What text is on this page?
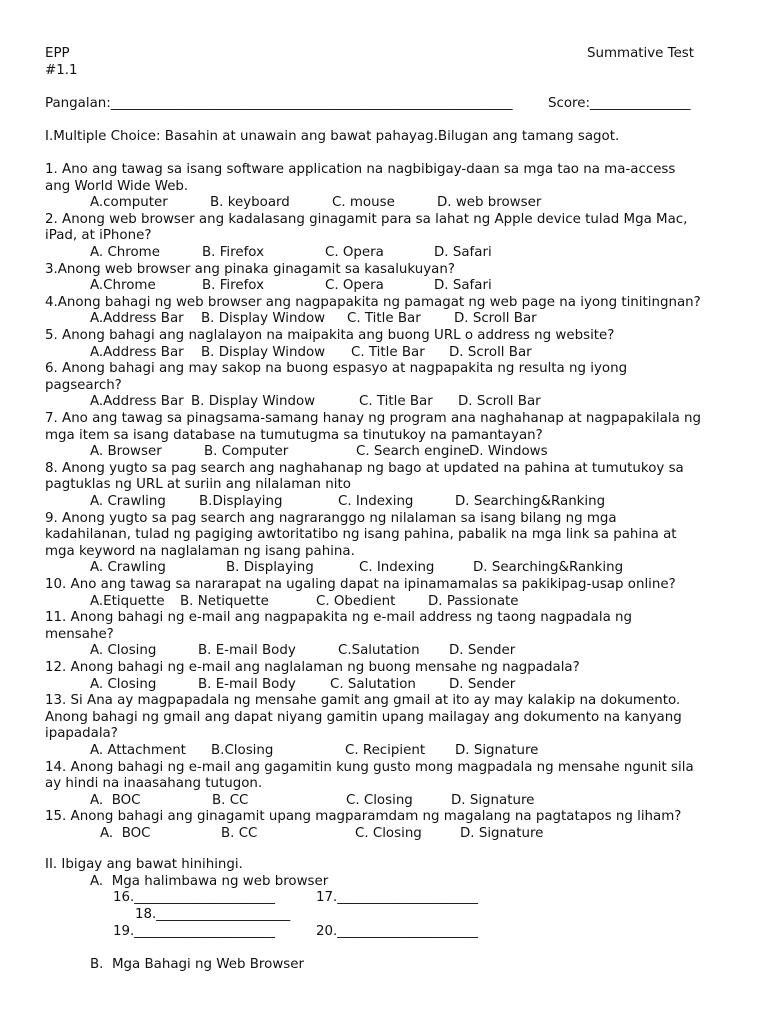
EPP	Summative Test
#1.1
Pangalan:____________________________________________________________	Score:_______________
I.Multiple Choice: Basahin at unawain ang bawat pahayag.Bilugan ang tamang sagot.
1. Ano ang tawag sa isang software application na nagbibigay-daan sa mga tao na ma-access
ang World Wide Web.
A.computer	B. keyboard	C. mouse	D. web browser
2. Anong web browser ang kadalasang ginagamit para sa lahat ng Apple device tulad Mga Mac,
iPad, at iPhone?
A. Chrome	B. Firefox	C. Opera	D. Safari
3.Anong web browser ang pinaka ginagamit sa kasalukuyan?
A.Chrome	B. Firefox	C. Opera	D. Safari
4.Anong bahagi ng web browser ang nagpapakita ng pamagat ng web page na iyong tinitingnan?
A.Address Bar B. Display Window C. Title Bar D. Scroll Bar
5. Anong bahagi ang naglalayon na maipakita ang buong URL o address ng website?
A.Address Bar B. Display Window C. Title Bar D. Scroll Bar
6. Anong bahagi ang may sakop na buong espasyo at nagpapakita ng resulta ng iyong
pagsearch?
A.Address Bar B. Display Window	C. Title Bar D. Scroll Bar
7. Ano ang tawag sa pinagsama-samang hanay ng program ana naghahanap at nagpapakilala ng
mga item sa isang database na tumutugma sa tinutukoy na pamantayan?
A. Browser	B. Computer	C. Search engine D. Windows
8. Anong yugto sa pag search ang naghahanap ng bago at updated na pahina at tumutukoy sa
pagtuklas ng URL at suriin ang nilalaman nito
A. Crawling B.Displaying	C. Indexing	D. Searching&Ranking
9. Anong yugto sa pag search ang nagraranggo ng nilalaman sa isang bilang ng mga
kadahilanan, tulad ng pagiging awtoritatibo ng isang pahina, pabalik na mga link sa pahina at
mga keyword na naglalaman ng isang pahina.
A. Crawling	B. Displaying	C. Indexing	D. Searching&Ranking
10. Ano ang tawag sa nararapat na ugaling dapat na ipinamamalas sa pakikipag-usap online?
A.Etiquette B. Netiquette	C. Obedient D. Passionate
11. Anong bahagi ng e-mail ang nagpapakita ng e-mail address ng taong nagpadala ng
mensahe?
A. Closing	B. E-mail Body	C.Salutation D. Sender
12. Anong bahagi ng e-mail ang naglalaman ng buong mensahe ng nagpadala?
A. Closing	B. E-mail Body	C. Salutation D. Sender
13. Si Ana ay magpapadala ng mensahe gamit ang gmail at ito ay may kalakip na dokumento.
Anong bahagi ng gmail ang dapat niyang gamitin upang mailagay ang dokumento na kanyang
ipapadala?
A. Attachment B.Closing	C. Recipient D. Signature
14. Anong bahagi ng e-mail ang gagamitin kung gusto mong magpadala ng mensahe ngunit sila
ay hindi na inaasahang tutugon.
A.  BOC	B. CC	C. Closing	D. Signature
15. Anong bahagi ang ginagamit upang magparamdam ng magalang na pagtatapos ng liham?
A.  BOC	B. CC	C. Closing	D. Signature
II. Ibigay ang bawat hinihingi.
A.  Mga halimbawa ng web browser
16._____________________	17._____________________
18.____________________
19._____________________	20._____________________
B.  Mga Bahagi ng Web Browser
